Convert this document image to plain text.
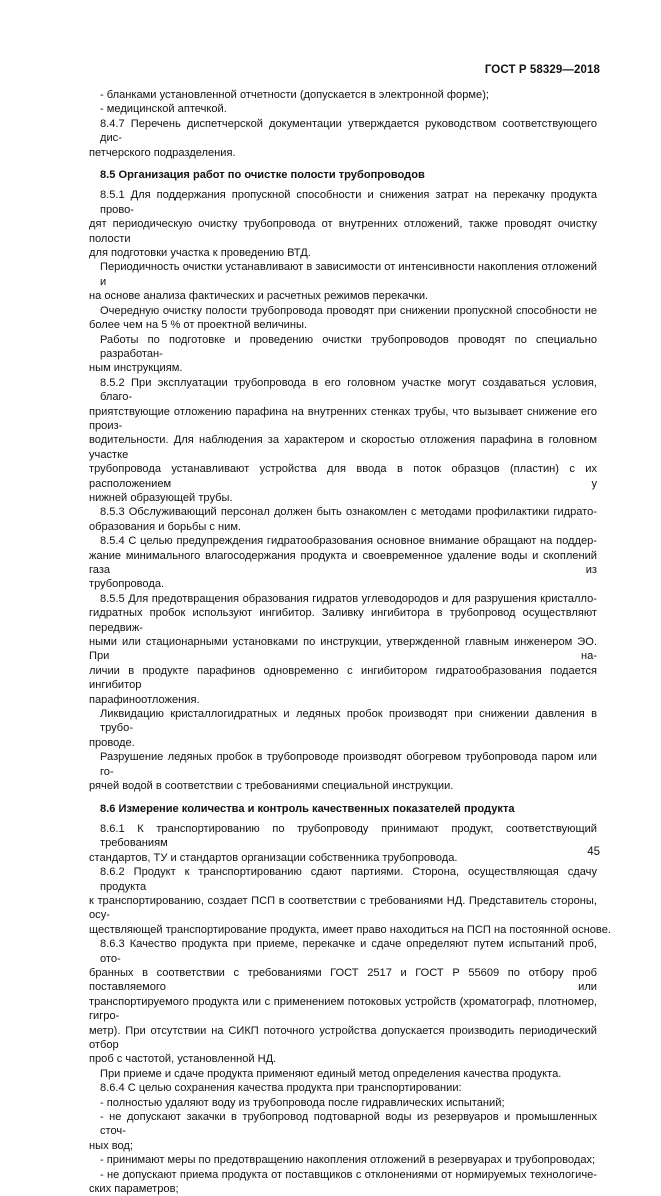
ГОСТ Р 58329—2018
- бланками установленной отчетности (допускается в электронной форме);
- медицинской аптечкой.
8.4.7 Перечень диспетчерской документации утверждается руководством соответствующего дис-
петчерского подразделения.
8.5 Организация работ по очистке полости трубопроводов
8.5.1 Для поддержания пропускной способности и снижения затрат на перекачку продукта прово-
дят периодическую очистку трубопровода от внутренних отложений, также проводят очистку полости
для подготовки участка к проведению ВТД.
Периодичность очистки устанавливают в зависимости от интенсивности накопления отложений и
на основе анализа фактических и расчетных режимов перекачки.
Очередную очистку полости трубопровода проводят при снижении пропускной способности не
более чем на 5 % от проектной величины.
Работы по подготовке и проведению очистки трубопроводов проводят по специально разработан-
ным инструкциям.
8.5.2 При эксплуатации трубопровода в его головном участке могут создаваться условия, благо-
приятствующие отложению парафина на внутренних стенках трубы, что вызывает снижение его произ-
водительности. Для наблюдения за характером и скоростью отложения парафина в головном участке
трубопровода устанавливают устройства для ввода в поток образцов (пластин) с их расположением у
нижней образующей трубы.
8.5.3 Обслуживающий персонал должен быть ознакомлен с методами профилактики гидрато-
образования и борьбы с ним.
8.5.4 С целью предупреждения гидратообразования основное внимание обращают на поддер-
жание минимального влагосодержания продукта и своевременное удаление воды и скоплений газа из
трубопровода.
8.5.5 Для предотвращения образования гидратов углеводородов и для разрушения кристалло-
гидратных пробок используют ингибитор. Заливку ингибитора в трубопровод осуществляют передвиж-
ными или стационарными установками по инструкции, утвержденной главным инженером ЭО. При на-
личии в продукте парафинов одновременно с ингибитором гидратообразования подается ингибитор
парафиноотложения.
Ликвидацию кристаллогидратных и ледяных пробок производят при снижении давления в трубо-
проводе.
Разрушение ледяных пробок в трубопроводе производят обогревом трубопровода паром или го-
рячей водой в соответствии с требованиями специальной инструкции.
8.6 Измерение количества и контроль качественных показателей продукта
8.6.1 К транспортированию по трубопроводу принимают продукт, соответствующий требованиям
стандартов, ТУ и стандартов организации собственника трубопровода.
8.6.2 Продукт к транспортированию сдают партиями. Сторона, осуществляющая сдачу продукта
к транспортированию, создает ПСП в соответствии с требованиями НД. Представитель стороны, осу-
ществляющей транспортирование продукта, имеет право находиться на ПСП на постоянной основе.
8.6.3 Качество продукта при приеме, перекачке и сдаче определяют путем испытаний проб, ото-
бранных в соответствии с требованиями ГОСТ 2517 и ГОСТ Р 55609 по отбору проб поставляемого или
транспортируемого продукта или с применением потоковых устройств (хроматограф, плотномер, гигро-
метр). При отсутствии на СИКП поточного устройства допускается производить периодический отбор
проб с частотой, установленной НД.
При приеме и сдаче продукта применяют единый метод определения качества продукта.
8.6.4 С целью сохранения качества продукта при транспортировании:
- полностью удаляют воду из трубопровода после гидравлических испытаний;
- не допускают закачки в трубопровод подтоварной воды из резервуаров и промышленных сточ-
ных вод;
- принимают меры по предотвращению накопления отложений в резервуарах и трубопроводах;
- не допускают приема продукта от поставщиков с отклонениями от нормируемых технологиче-
ских параметров;
45
